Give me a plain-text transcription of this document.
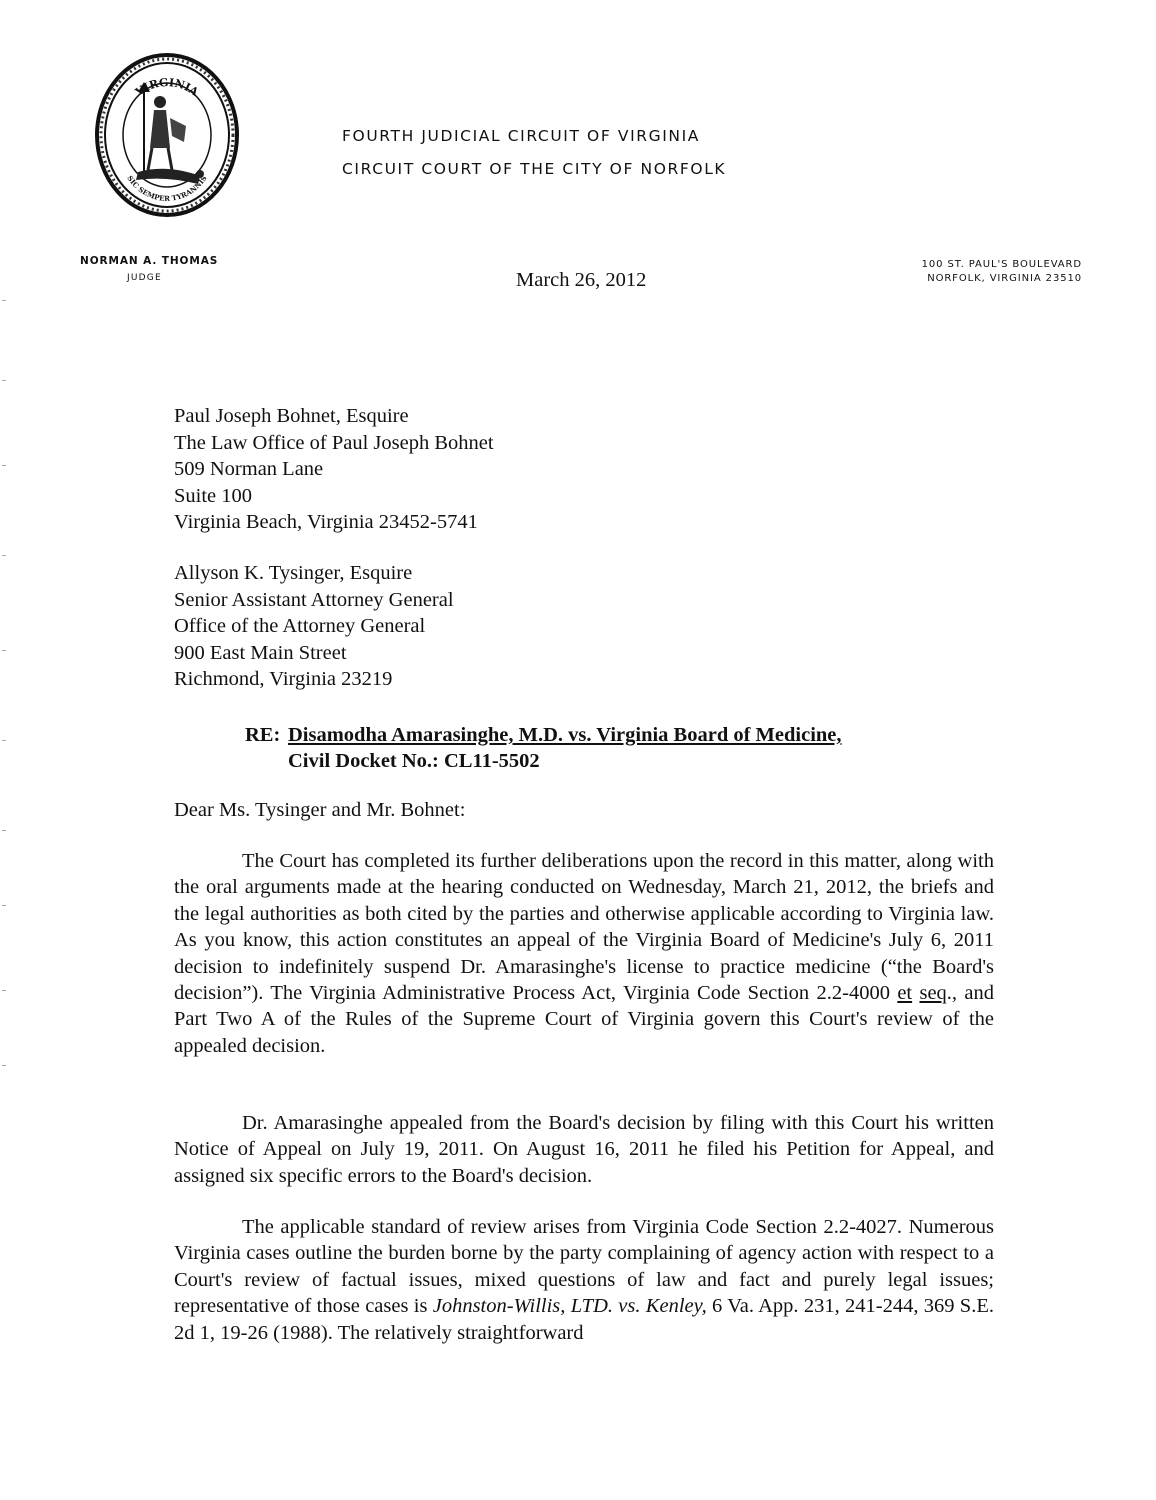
VIRGINIA
SIC SEMPER TYRANNIS
FOURTH JUDICIAL CIRCUIT OF VIRGINIA
CIRCUIT COURT OF THE CITY OF NORFOLK
NORMAN A. THOMAS
JUDGE	March 26, 2012
100 ST. PAUL'S BOULEVARD
NORFOLK, VIRGINIA 23510
Paul Joseph Bohnet, Esquire
The Law Office of Paul Joseph Bohnet
509 Norman Lane
Suite 100
Virginia Beach, Virginia 23452-5741
Allyson K. Tysinger, Esquire
Senior Assistant Attorney General
Office of the Attorney General
900 East Main Street
Richmond, Virginia 23219
RE: Disamodha Amarasinghe, M.D. vs. Virginia Board of Medicine,
Civil Docket No.: CL11-5502
Dear Ms. Tysinger and Mr. Bohnet:

The Court has completed its further deliberations upon the record in this matter, along with the oral arguments made at the hearing conducted on Wednesday, March 21, 2012, the briefs and the legal authorities as both cited by the parties and otherwise applicable according to Virginia law. As you know, this action constitutes an appeal of the Virginia Board of Medicine's July 6, 2011 decision to indefinitely suspend Dr. Amarasinghe's license to practice medicine (“the Board's decision”). The Virginia Administrative Process Act, Virginia Code Section 2.2-4000 et seq., and Part Two A of the Rules of the Supreme Court of Virginia govern this Court's review of the appealed decision.

Dr. Amarasinghe appealed from the Board's decision by filing with this Court his written Notice of Appeal on July 19, 2011. On August 16, 2011 he filed his Petition for Appeal, and assigned six specific errors to the Board's decision.

The applicable standard of review arises from Virginia Code Section 2.2-4027. Numerous Virginia cases outline the burden borne by the party complaining of agency action with respect to a Court's review of factual issues, mixed questions of law and fact and purely legal issues; representative of those cases is Johnston-Willis, LTD. vs. Kenley, 6 Va. App. 231, 241-244, 369 S.E. 2d 1, 19-26 (1988). The relatively straightforward
